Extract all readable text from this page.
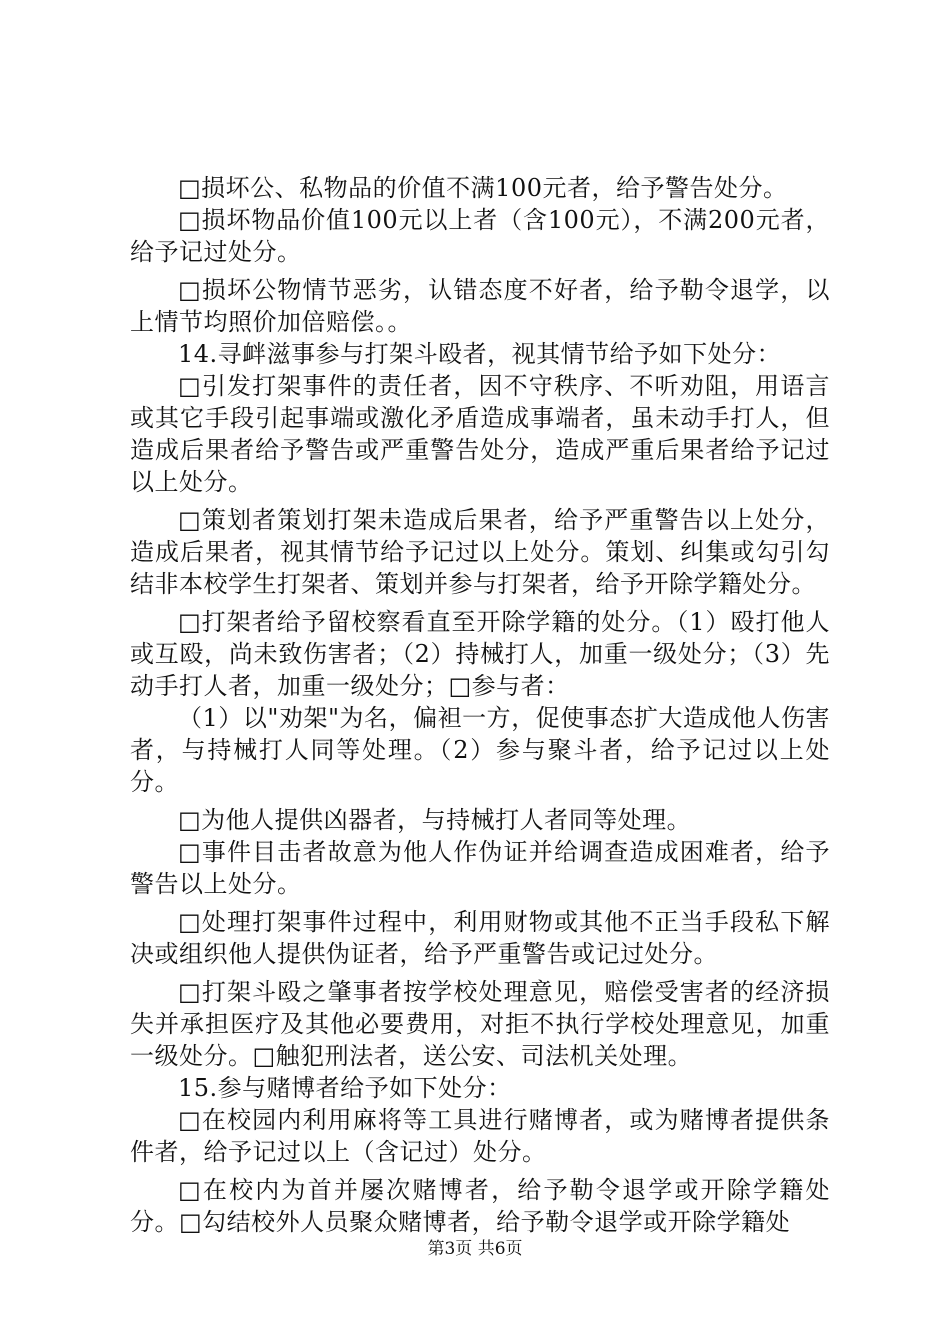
□损坏公、私物品的价值不满100元者，给予警告处分。

□损坏物品价值100元以上者（含100元），不满200元者，给予记过处分。

□损坏公物情节恶劣，认错态度不好者，给予勒令退学，以上情节均照价加倍赔偿。。

14.寻衅滋事参与打架斗殴者，视其情节给予如下处分：

□引发打架事件的责任者，因不守秩序、不听劝阻，用语言或其它手段引起事端或激化矛盾造成事端者，虽未动手打人，但造成后果者给予警告或严重警告处分，造成严重后果者给予记过以上处分。

□策划者策划打架未造成后果者，给予严重警告以上处分，造成后果者，视其情节给予记过以上处分。策划、纠集或勾引勾结非本校学生打架者、策划并参与打架者，给予开除学籍处分。

□打架者给予留校察看直至开除学籍的处分。（1）殴打他人或互殴，尚未致伤害者；（2）持械打人，加重一级处分；（3）先动手打人者，加重一级处分；□参与者：

（1）以"劝架"为名，偏袒一方，促使事态扩大造成他人伤害者，与持械打人同等处理。（2）参与聚斗者，给予记过以上处分。

□为他人提供凶器者，与持械打人者同等处理。

□事件目击者故意为他人作伪证并给调查造成困难者，给予警告以上处分。

□处理打架事件过程中，利用财物或其他不正当手段私下解决或组织他人提供伪证者，给予严重警告或记过处分。

□打架斗殴之肇事者按学校处理意见，赔偿受害者的经济损失并承担医疗及其他必要费用，对拒不执行学校处理意见，加重一级处分。□触犯刑法者，送公安、司法机关处理。

15.参与赌博者给予如下处分：

□在校园内利用麻将等工具进行赌博者，或为赌博者提供条件者，给予记过以上（含记过）处分。

□在校内为首并屡次赌博者，给予勒令退学或开除学籍处分。□勾结校外人员聚众赌博者，给予勒令退学或开除学籍处

第3页 共6页
